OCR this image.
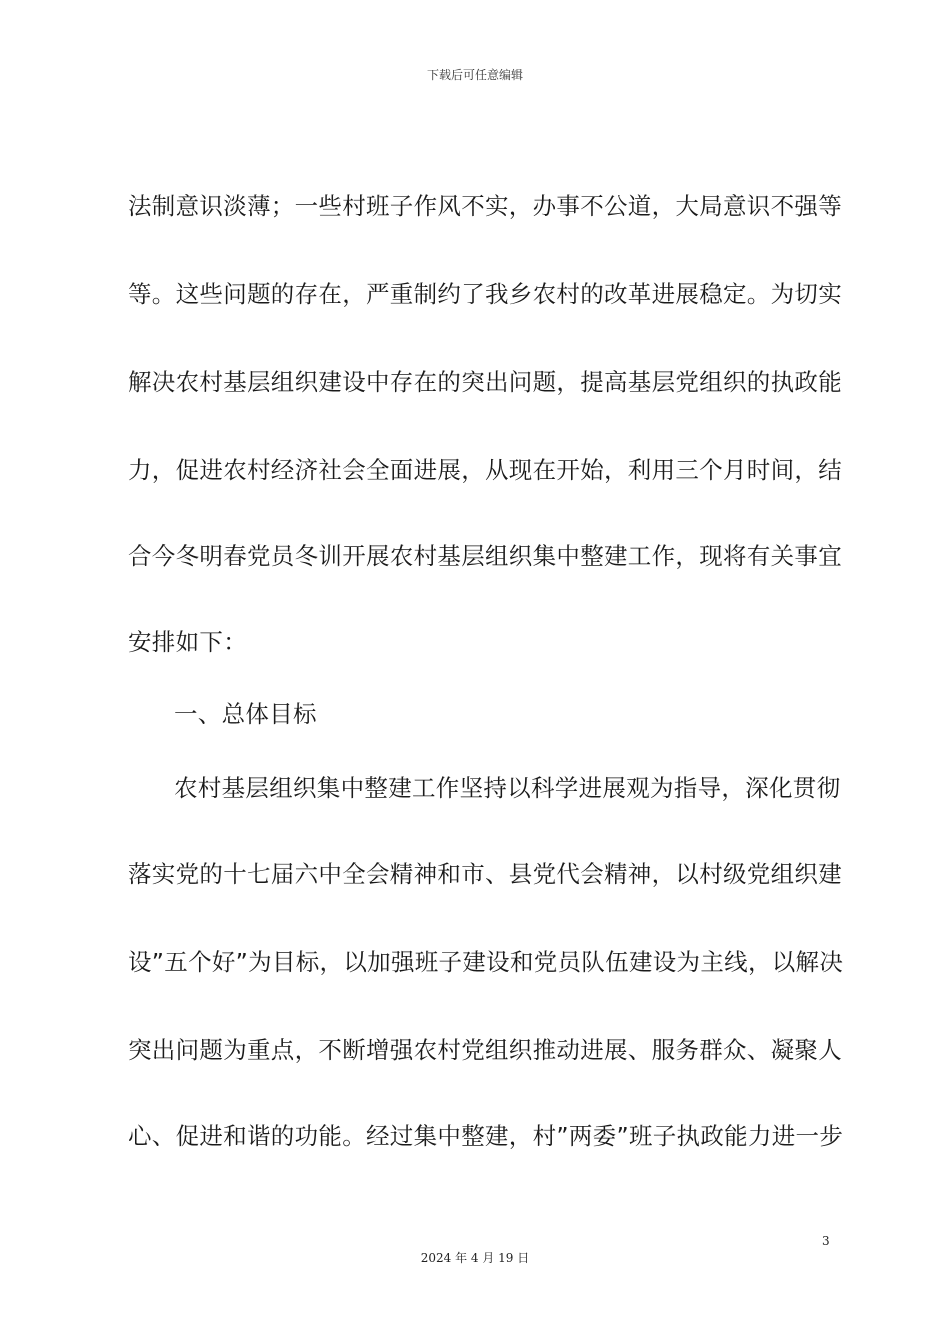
下载后可任意编辑
法制意识淡薄；一些村班子作风不实，办事不公道，大局意识不强等
等。这些问题的存在，严重制约了我乡农村的改革进展稳定。为切实
解决农村基层组织建设中存在的突出问题，提高基层党组织的执政能
力，促进农村经济社会全面进展，从现在开始，利用三个月时间，结
合今冬明春党员冬训开展农村基层组织集中整建工作，现将有关事宜
安排如下：
一、总体目标
农村基层组织集中整建工作坚持以科学进展观为指导，深化贯彻
落实党的十七届六中全会精神和市、县党代会精神，以村级党组织建
设”五个好”为目标，以加强班子建设和党员队伍建设为主线，以解决
突出问题为重点，不断增强农村党组织推动进展、服务群众、凝聚人
心、促进和谐的功能。经过集中整建，村”两委”班子执政能力进一步
3
2024 年 4 月 19 日
